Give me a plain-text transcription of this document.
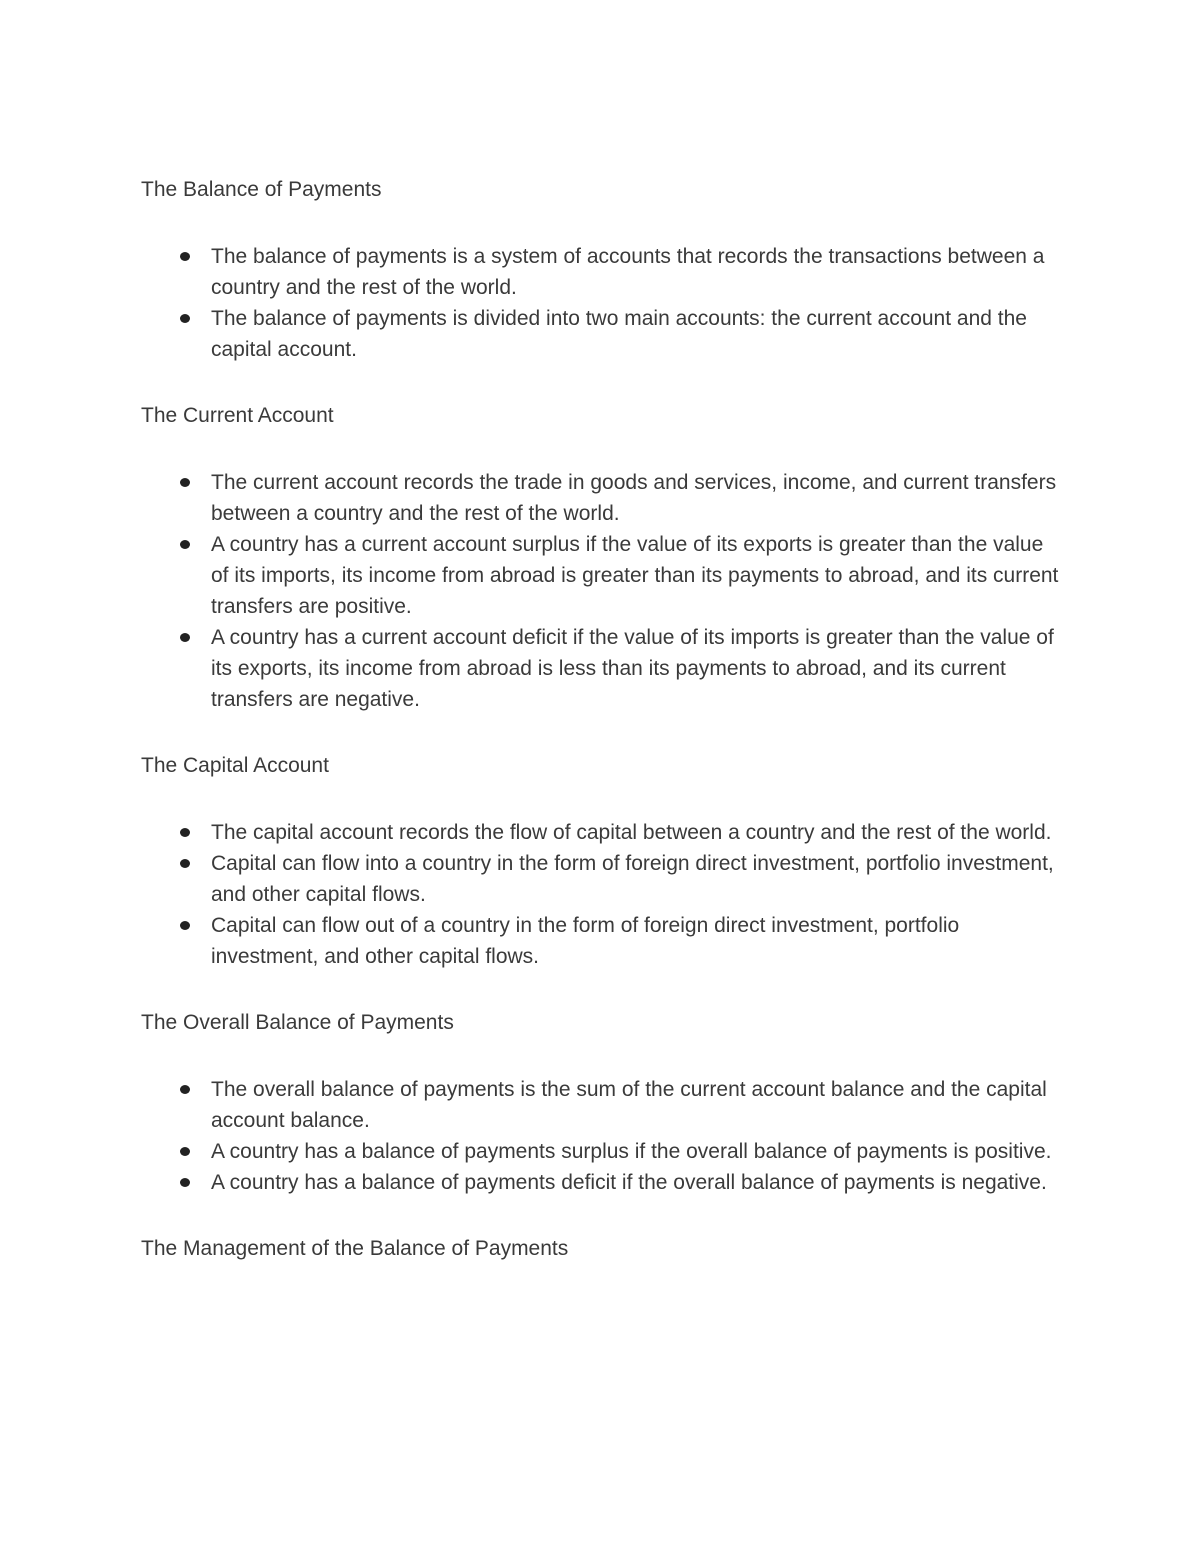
The Balance of Payments
The balance of payments is a system of accounts that records the transactions between a country and the rest of the world.
The balance of payments is divided into two main accounts: the current account and the capital account.
The Current Account
The current account records the trade in goods and services, income, and current transfers between a country and the rest of the world.
A country has a current account surplus if the value of its exports is greater than the value of its imports, its income from abroad is greater than its payments to abroad, and its current transfers are positive.
A country has a current account deficit if the value of its imports is greater than the value of its exports, its income from abroad is less than its payments to abroad, and its current transfers are negative.
The Capital Account
The capital account records the flow of capital between a country and the rest of the world.
Capital can flow into a country in the form of foreign direct investment, portfolio investment, and other capital flows.
Capital can flow out of a country in the form of foreign direct investment, portfolio investment, and other capital flows.
The Overall Balance of Payments
The overall balance of payments is the sum of the current account balance and the capital account balance.
A country has a balance of payments surplus if the overall balance of payments is positive.
A country has a balance of payments deficit if the overall balance of payments is negative.
The Management of the Balance of Payments
